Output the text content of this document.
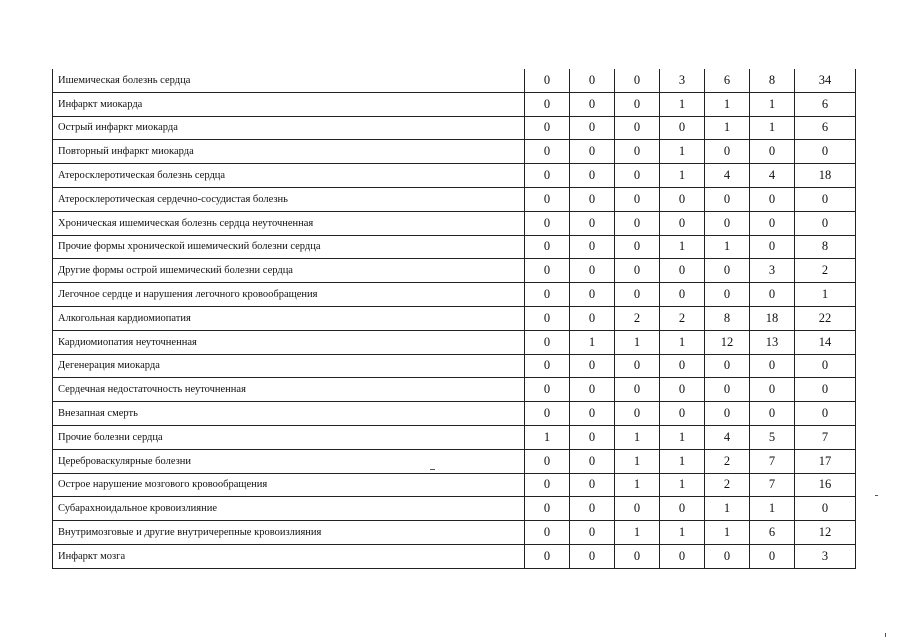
Ишемическая болезнь сердца	0	0	0	3	6	8	34
Инфаркт миокарда	0	0	0	1	1	1	6
Острый инфаркт миокарда	0	0	0	0	1	1	6
Повторный инфаркт миокарда	0	0	0	1	0	0	0
Атеросклеротическая болезнь сердца	0	0	0	1	4	4	18
Атеросклеротическая сердечно-сосудистая болезнь	0	0	0	0	0	0	0
Хроническая ишемическая болезнь сердца неуточненная	0	0	0	0	0	0	0
Прочие формы хронической ишемический болезни сердца	0	0	0	1	1	0	8
Другие формы острой ишемический болезни сердца	0	0	0	0	0	3	2
Легочное сердце и нарушения легочного кровообращения	0	0	0	0	0	0	1
Алкогольная кардиомиопатия	0	0	2	2	8	18	22
Кардиомиопатия неуточненная	0	1	1	1	12	13	14
Дегенерация миокарда	0	0	0	0	0	0	0
Сердечная недостаточность неуточненная	0	0	0	0	0	0	0
Внезапная смерть	0	0	0	0	0	0	0
Прочие болезни сердца	1	0	1	1	4	5	7
Цереброваскулярные болезни	0	0	1	1	2	7	17
Острое нарушение мозгового кровообращения	0	0	1	1	2	7	16
Субарахноидальное кровоизлияние	0	0	0	0	1	1	0
Внутримозговые и другие внутричерепные кровоизлияния	0	0	1	1	1	6	12
Инфаркт мозга	0	0	0	0	0	0	3
